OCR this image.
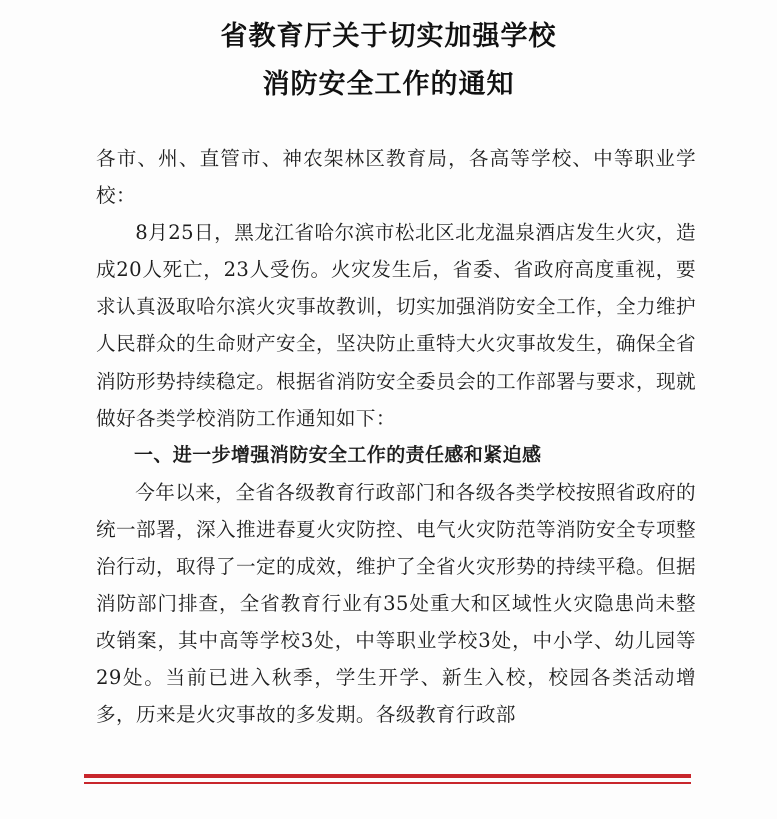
省教育厅关于切实加强学校
消防安全工作的通知

各市、州、直管市、神农架林区教育局，各高等学校、中等职业学校：

8月25日，黑龙江省哈尔滨市松北区北龙温泉酒店发生火灾，造成20人死亡，23人受伤。火灾发生后，省委、省政府高度重视，要求认真汲取哈尔滨火灾事故教训，切实加强消防安全工作，全力维护人民群众的生命财产安全，坚决防止重特大火灾事故发生，确保全省消防形势持续稳定。根据省消防安全委员会的工作部署与要求，现就做好各类学校消防工作通知如下：

一、进一步增强消防安全工作的责任感和紧迫感

今年以来，全省各级教育行政部门和各级各类学校按照省政府的统一部署，深入推进春夏火灾防控、电气火灾防范等消防安全专项整治行动，取得了一定的成效，维护了全省火灾形势的持续平稳。但据消防部门排查，全省教育行业有35处重大和区域性火灾隐患尚未整改销案，其中高等学校3处，中等职业学校3处，中小学、幼儿园等29处。当前已进入秋季，学生开学、新生入校，校园各类活动增多，历来是火灾事故的多发期。各级教育行政部
